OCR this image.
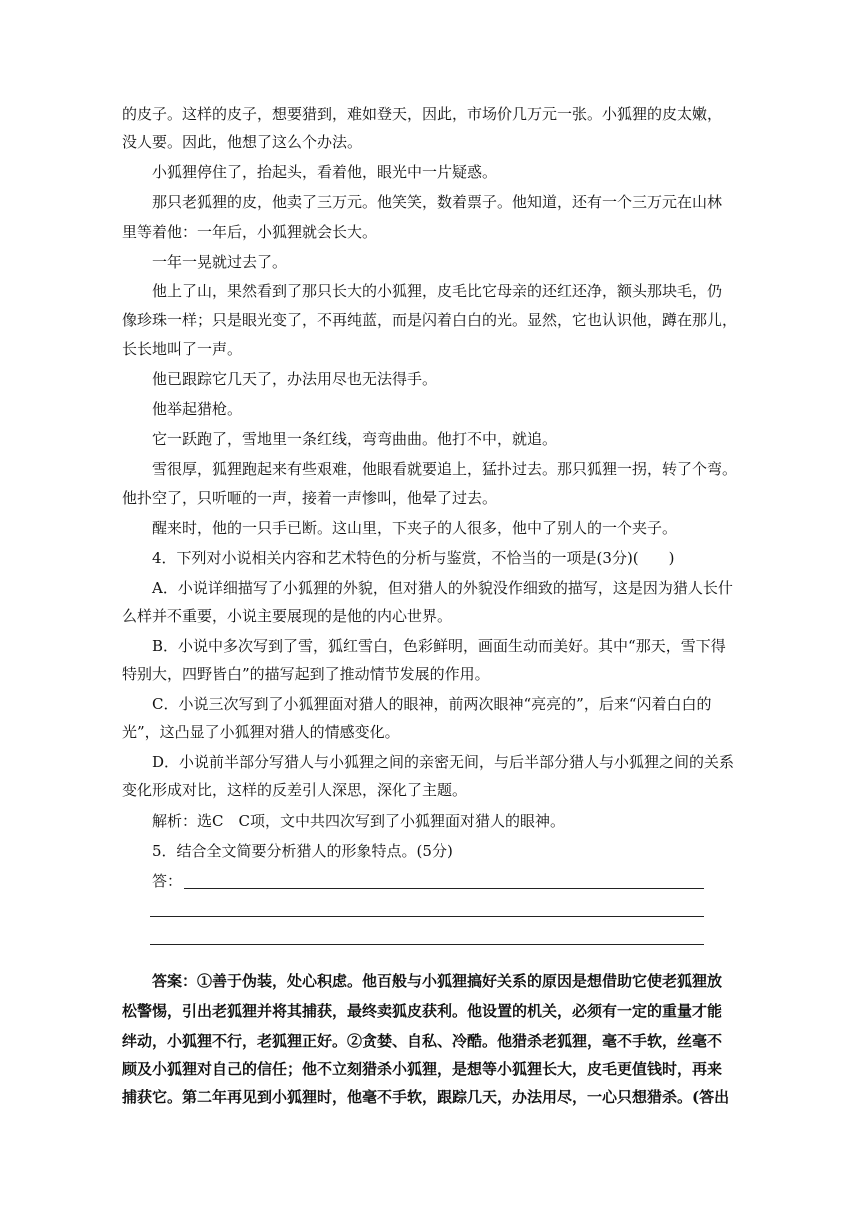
的皮子。这样的皮子，想要猎到，难如登天，因此，市场价几万元一张。小狐狸的皮太嫩，
没人要。因此，他想了这么个办法。
　　小狐狸停住了，抬起头，看着他，眼光中一片疑惑。
　　那只老狐狸的皮，他卖了三万元。他笑笑，数着票子。他知道，还有一个三万元在山林
里等着他：一年后，小狐狸就会长大。
　　一年一晃就过去了。
　　他上了山，果然看到了那只长大的小狐狸，皮毛比它母亲的还红还净，额头那块毛，仍
像珍珠一样；只是眼光变了，不再纯蓝，而是闪着白白的光。显然，它也认识他，蹲在那儿，
长长地叫了一声。
　　他已跟踪它几天了，办法用尽也无法得手。
　　他举起猎枪。
　　它一跃跑了，雪地里一条红线，弯弯曲曲。他打不中，就追。
　　雪很厚，狐狸跑起来有些艰难，他眼看就要追上，猛扑过去。那只狐狸一拐，转了个弯。
他扑空了，只听咂的一声，接着一声惨叫，他晕了过去。
　　醒来时，他的一只手已断。这山里，下夹子的人很多，他中了别人的一个夹子。
　　4．下列对小说相关内容和艺术特色的分析与鉴赏，不恰当的一项是(3分)(　　)
　　A．小说详细描写了小狐狸的外貌，但对猎人的外貌没作细致的描写，这是因为猎人长什
么样并不重要，小说主要展现的是他的内心世界。
　　B．小说中多次写到了雪，狐红雪白，色彩鲜明，画面生动而美好。其中“那天，雪下得
特别大，四野皆白”的描写起到了推动情节发展的作用。
　　C．小说三次写到了小狐狸面对猎人的眼神，前两次眼神“亮亮的”，后来“闪着白白的
光”，这凸显了小狐狸对猎人的情感变化。
　　D．小说前半部分写猎人与小狐狸之间的亲密无间，与后半部分猎人与小狐狸之间的关系
变化形成对比，这样的反差引人深思，深化了主题。
　　解析：选C　C项，文中共四次写到了小狐狸面对猎人的眼神。
　　5．结合全文简要分析猎人的形象特点。(5分)
　　答：
　　答案：①善于伪装，处心积虑。他百般与小狐狸搞好关系的原因是想借助它使老狐狸放
松警惕，引出老狐狸并将其捕获，最终卖狐皮获利。他设置的机关，必须有一定的重量才能
绊动，小狐狸不行，老狐狸正好。②贪婪、自私、冷酷。他猎杀老狐狸，毫不手软，丝毫不
顾及小狐狸对自己的信任；他不立刻猎杀小狐狸，是想等小狐狸长大，皮毛更值钱时，再来
捕获它。第二年再见到小狐狸时，他毫不手软，跟踪几天，办法用尽，一心只想猎杀。(答出
